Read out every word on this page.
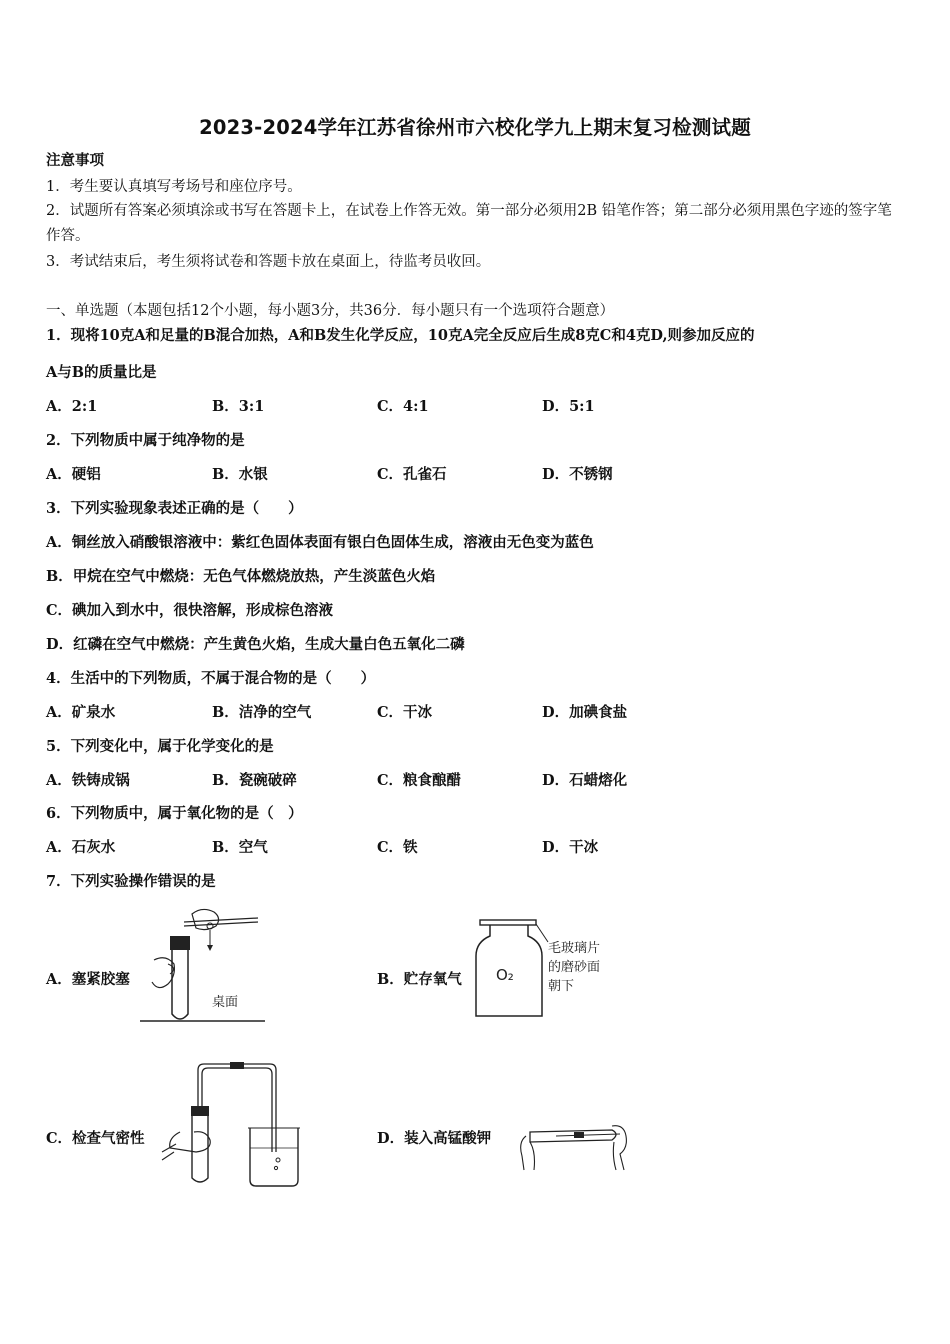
2023-2024学年江苏省徐州市六校化学九上期末复习检测试题
注意事项
1．考生要认真填写考场号和座位序号。
2．试题所有答案必须填涂或书写在答题卡上，在试卷上作答无效。第一部分必须用2B 铅笔作答；第二部分必须用黑色字迹的签字笔作答。
3．考试结束后，考生须将试卷和答题卡放在桌面上，待监考员收回。
一、单选题（本题包括12个小题，每小题3分，共36分．每小题只有一个选项符合题意）
1．现将10克A和足量的B混合加热，A和B发生化学反应，10克A完全反应后生成8克C和4克D,则参加反应的
A与B的质量比是
A．2:1	B．3:1	C．4:1	D．5:1
2．下列物质中属于纯净物的是
A．硬铝	B．水银	C．孔雀石	D．不锈钢
3．下列实验现象表述正确的是（　　）
A．铜丝放入硝酸银溶液中：紫红色固体表面有银白色固体生成，溶液由无色变为蓝色
B．甲烷在空气中燃烧：无色气体燃烧放热，产生淡蓝色火焰
C．碘加入到水中，很快溶解，形成棕色溶液
D．红磷在空气中燃烧：产生黄色火焰，生成大量白色五氧化二磷
4．生活中的下列物质，不属于混合物的是（　　）
A．矿泉水	B．洁净的空气	C．干冰	D．加碘食盐
5．下列变化中，属于化学变化的是
A．铁铸成锅	B．瓷碗破碎	C．粮食酿醋	D．石蜡熔化
6．下列物质中，属于氧化物的是（　）
A．石灰水	B．空气	C．铁	D．干冰
7．下列实验操作错误的是
A．塞紧胶塞
桌面
B．贮存氧气 O₂
毛玻璃片
的磨砂面
朝下
C．检查气密性	D．装入高锰酸钾
